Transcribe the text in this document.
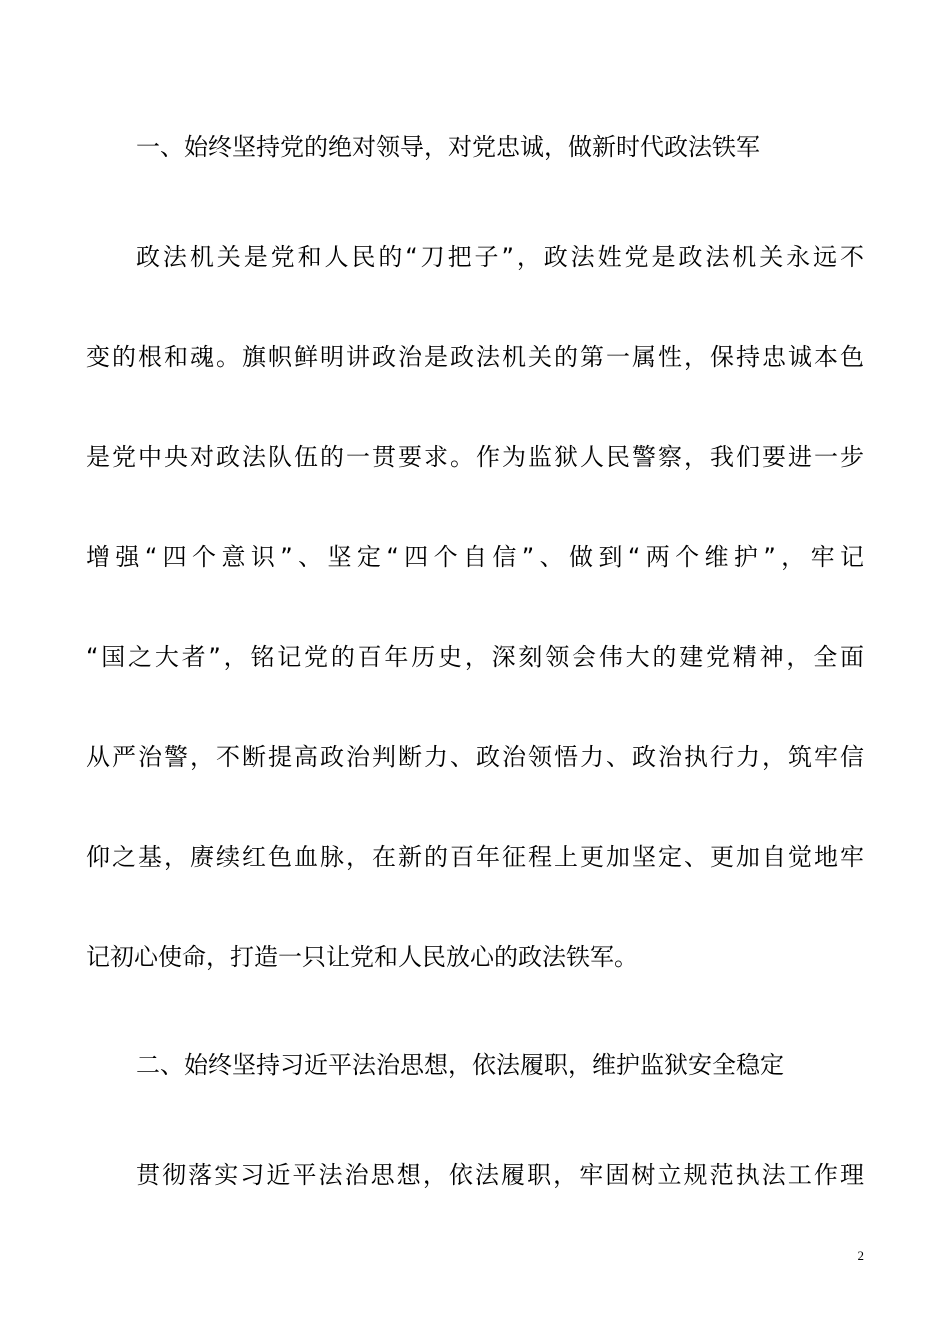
一、始终坚持党的绝对领导，对党忠诚，做新时代政法铁军
政法机关是党和人民的“刀把子”，政法姓党是政法机关永远不
变的根和魂。旗帜鲜明讲政治是政法机关的第一属性，保持忠诚本色
是党中央对政法队伍的一贯要求。作为监狱人民警察，我们要进一步
增强“四个意识”、坚定“四个自信”、做到“两个维护”，牢记
“国之大者”，铭记党的百年历史，深刻领会伟大的建党精神，全面
从严治警，不断提高政治判断力、政治领悟力、政治执行力，筑牢信
仰之基，赓续红色血脉，在新的百年征程上更加坚定、更加自觉地牢
记初心使命，打造一只让党和人民放心的政法铁军。
二、始终坚持习近平法治思想，依法履职，维护监狱安全稳定
贯彻落实习近平法治思想，依法履职，牢固树立规范执法工作理
2
